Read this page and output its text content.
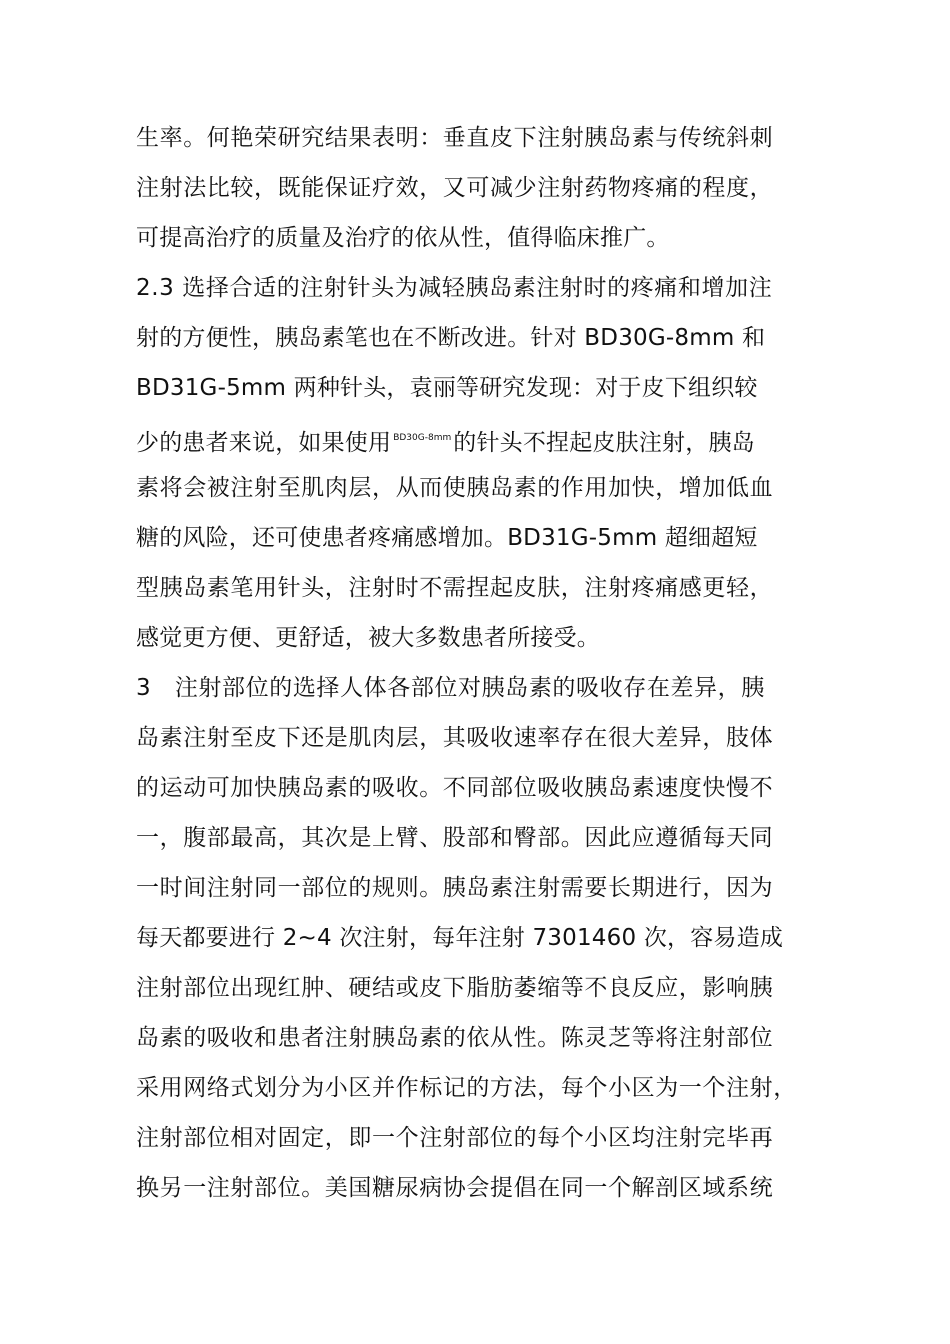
生率。何艳荣研究结果表明：垂直皮下注射胰岛素与传统斜刺
注射法比较，既能保证疗效，又可减少注射药物疼痛的程度，
可提高治疗的质量及治疗的依从性，值得临床推广。
2.3 选择合适的注射针头为减轻胰岛素注射时的疼痛和增加注
射的方便性，胰岛素笔也在不断改进。针对 BD30G-8mm 和
BD31G-5mm 两种针头，袁丽等研究发现：对于皮下组织较
少的患者来说，如果使用 $^{BD30G-8mm}$的针头不捏起皮肤注射，胰岛
素将会被注射至肌肉层，从而使胰岛素的作用加快，增加低血
糖的风险，还可使患者疼痛感增加。BD31G-5mm 超细超短
型胰岛素笔用针头，注射时不需捏起皮肤，注射疼痛感更轻，
感觉更方便、更舒适，被大多数患者所接受。
3　注射部位的选择人体各部位对胰岛素的吸收存在差异，胰
岛素注射至皮下还是肌肉层，其吸收速率存在很大差异，肢体
的运动可加快胰岛素的吸收。不同部位吸收胰岛素速度快慢不
一，腹部最高，其次是上臂、股部和臀部。因此应遵循每天同
一时间注射同一部位的规则。胰岛素注射需要长期进行，因为
每天都要进行 2~4 次注射，每年注射 7301460 次，容易造成
注射部位出现红肿、硬结或皮下脂肪萎缩等不良反应，影响胰
岛素的吸收和患者注射胰岛素的依从性。陈灵芝等将注射部位
采用网络式划分为小区并作标记的方法，每个小区为一个注射，
注射部位相对固定，即一个注射部位的每个小区均注射完毕再
换另一注射部位。美国糖尿病协会提倡在同一个解剖区域系统
